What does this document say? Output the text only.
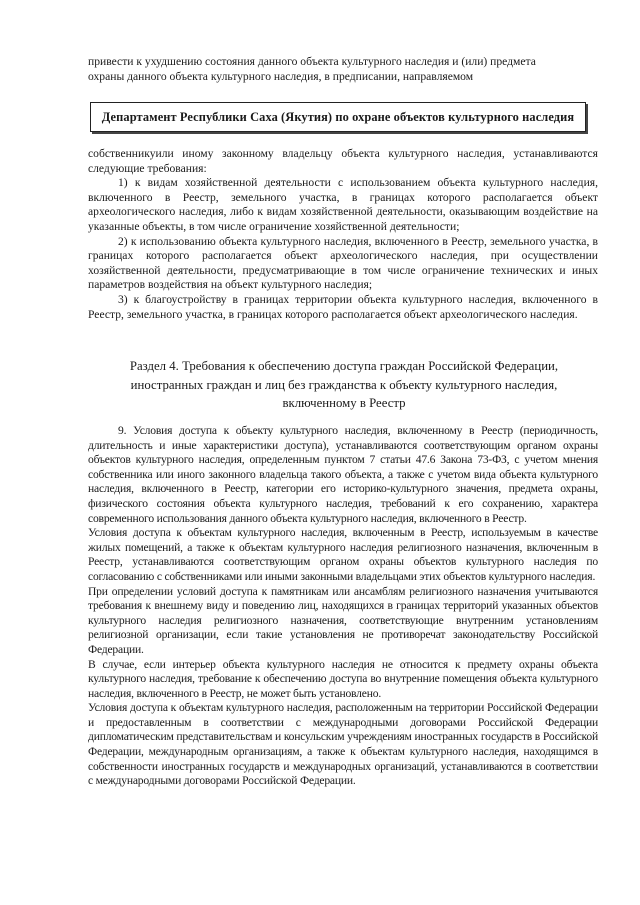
привести к ухудшению состояния данного объекта культурного наследия и (или) предмета

охраны данного объекта культурного наследия, в предписании, направляемом

Департамент Республики Саха (Якутия) по охране объектов культурного наследия

собственникуили иному законному владельцу объекта культурного наследия, устанавливаются следующие требования:

1) к видам хозяйственной деятельности с использованием объекта культурного наследия, включенного в Реестр, земельного участка, в границах которого располагается объект археологического наследия, либо к видам хозяйственной деятельности, оказывающим воздействие на указанные объекты, в том числе ограничение хозяйственной деятельности;

2) к использованию объекта культурного наследия, включенного в Реестр, земельного участка, в границах которого располагается объект археологического наследия, при осуществлении хозяйственной деятельности, предусматривающие в том числе ограничение технических и иных параметров воздействия на объект культурного наследия;

3) к благоустройству в границах территории объекта культурного наследия, включенного в Реестр, земельного участка, в границах которого располагается объект археологического наследия.

Раздел 4. Требования к обеспечению доступа граждан Российской Федерации,

иностранных граждан и лиц без гражданства к объекту культурного наследия,

включенному в Реестр

9. Условия доступа к объекту культурного наследия, включенному в Реестр (периодичность, длительность и иные характеристики доступа), устанавливаются соответствующим органом охраны объектов культурного наследия, определенным пунктом 7 статьи 47.6 Закона 73-ФЗ, с учетом мнения собственника или иного законного владельца такого объекта, а также с учетом вида объекта культурного наследия, включенного в Реестр, категории его историко-культурного значения, предмета охраны, физического состояния объекта культурного наследия, требований к его сохранению, характера современного использования данного объекта культурного наследия, включенного в Реестр.

Условия доступа к объектам культурного наследия, включенным в Реестр, используемым в качестве жилых помещений, а также к объектам культурного наследия религиозного назначения, включенным в Реестр, устанавливаются соответствующим органом охраны объектов культурного наследия по согласованию с собственниками или иными законными владельцами этих объектов культурного наследия.

При определении условий доступа к памятникам или ансамблям религиозного назначения учитываются требования к внешнему виду и поведению лиц, находящихся в границах территорий указанных объектов культурного наследия религиозного назначения, соответствующие внутренним установлениям религиозной организации, если такие установления не противоречат законодательству Российской Федерации.

В случае, если интерьер объекта культурного наследия не относится к предмету охраны объекта культурного наследия, требование к обеспечению доступа во внутренние помещения объекта культурного наследия, включенного в Реестр, не может быть установлено.

Условия доступа к объектам культурного наследия, расположенным на территории Российской Федерации и предоставленным в соответствии с международными договорами Российской Федерации дипломатическим представительствам и консульским учреждениям иностранных государств в Российской Федерации, международным организациям, а также к объектам культурного наследия, находящимся в собственности иностранных государств и международных организаций, устанавливаются в соответствии с международными договорами Российской Федерации.
